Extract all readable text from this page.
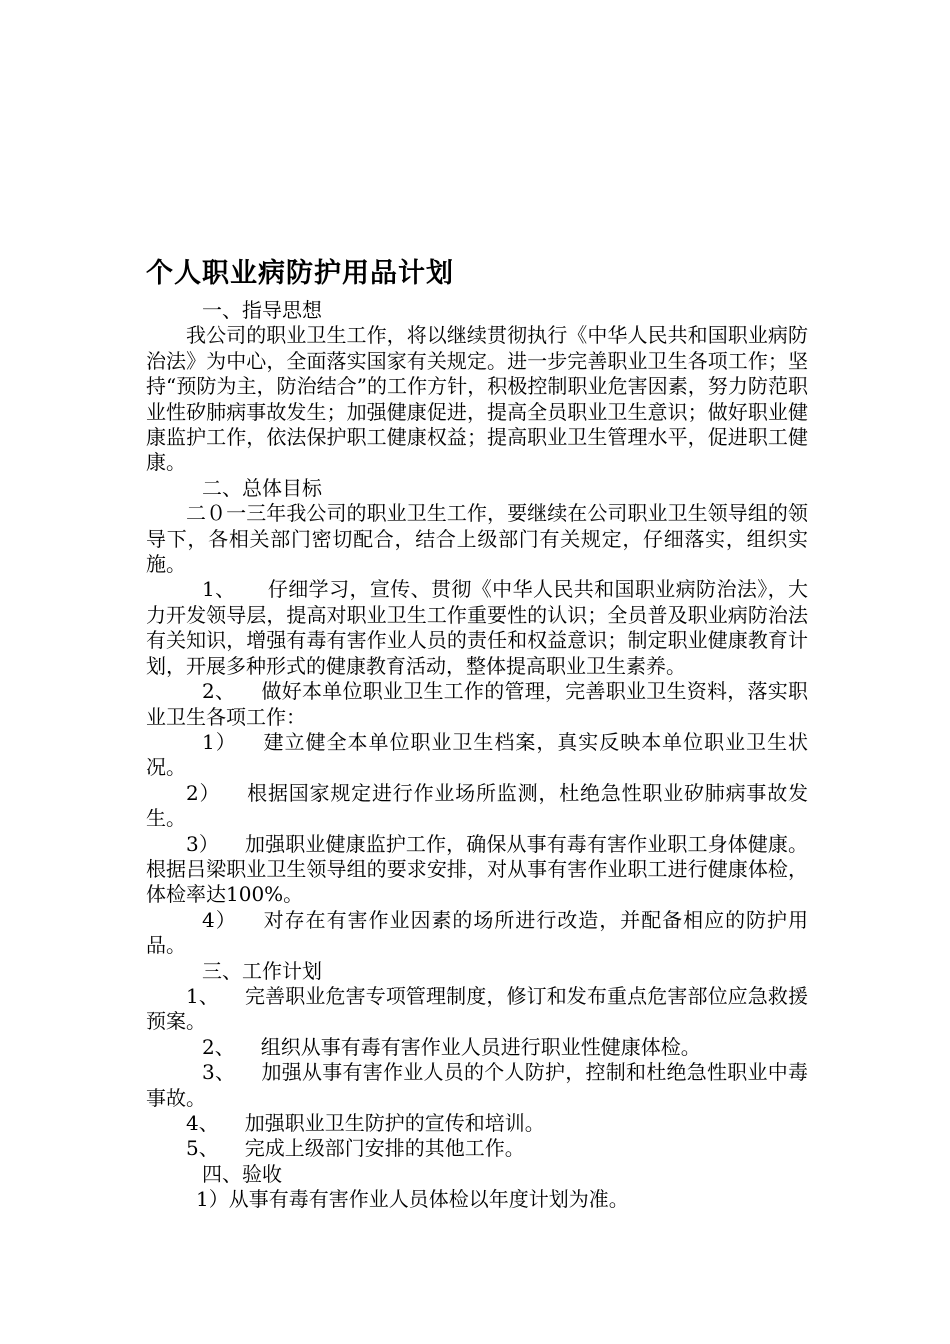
个人职业病防护用品计划

一、指导思想

我公司的职业卫生工作，将以继续贯彻执行《中华人民共和国职业病防治法》为中心，全面落实国家有关规定。进一步完善职业卫生各项工作；坚持“预防为主，防治结合”的工作方针，积极控制职业危害因素，努力防范职业性矽肺病事故发生；加强健康促进，提高全员职业卫生意识；做好职业健康监护工作，依法保护职工健康权益；提高职业卫生管理水平，促进职工健康。

二、总体目标

二０一三年我公司的职业卫生工作，要继续在公司职业卫生领导组的领导下，各相关部门密切配合，结合上级部门有关规定，仔细落实，组织实施。

1、 仔细学习，宣传、贯彻《中华人民共和国职业病防治法》，大力开发领导层，提高对职业卫生工作重要性的认识；全员普及职业病防治法有关知识，增强有毒有害作业人员的责任和权益意识；制定职业健康教育计划，开展多种形式的健康教育活动，整体提高职业卫生素养。

2、 做好本单位职业卫生工作的管理，完善职业卫生资料，落实职业卫生各项工作：

1） 建立健全本单位职业卫生档案，真实反映本单位职业卫生状况。

2） 根据国家规定进行作业场所监测，杜绝急性职业矽肺病事故发生。

3） 加强职业健康监护工作，确保从事有毒有害作业职工身体健康。根据吕梁职业卫生领导组的要求安排，对从事有害作业职工进行健康体检，体检率达100%。

4） 对存在有害作业因素的场所进行改造，并配备相应的防护用品。

三、工作计划

1、 完善职业危害专项管理制度，修订和发布重点危害部位应急救援预案。

2、 组织从事有毒有害作业人员进行职业性健康体检。

3、 加强从事有害作业人员的个人防护，控制和杜绝急性职业中毒事故。

4、 加强职业卫生防护的宣传和培训。

5、 完成上级部门安排的其他工作。

四、验收

1）从事有毒有害作业人员体检以年度计划为准。
